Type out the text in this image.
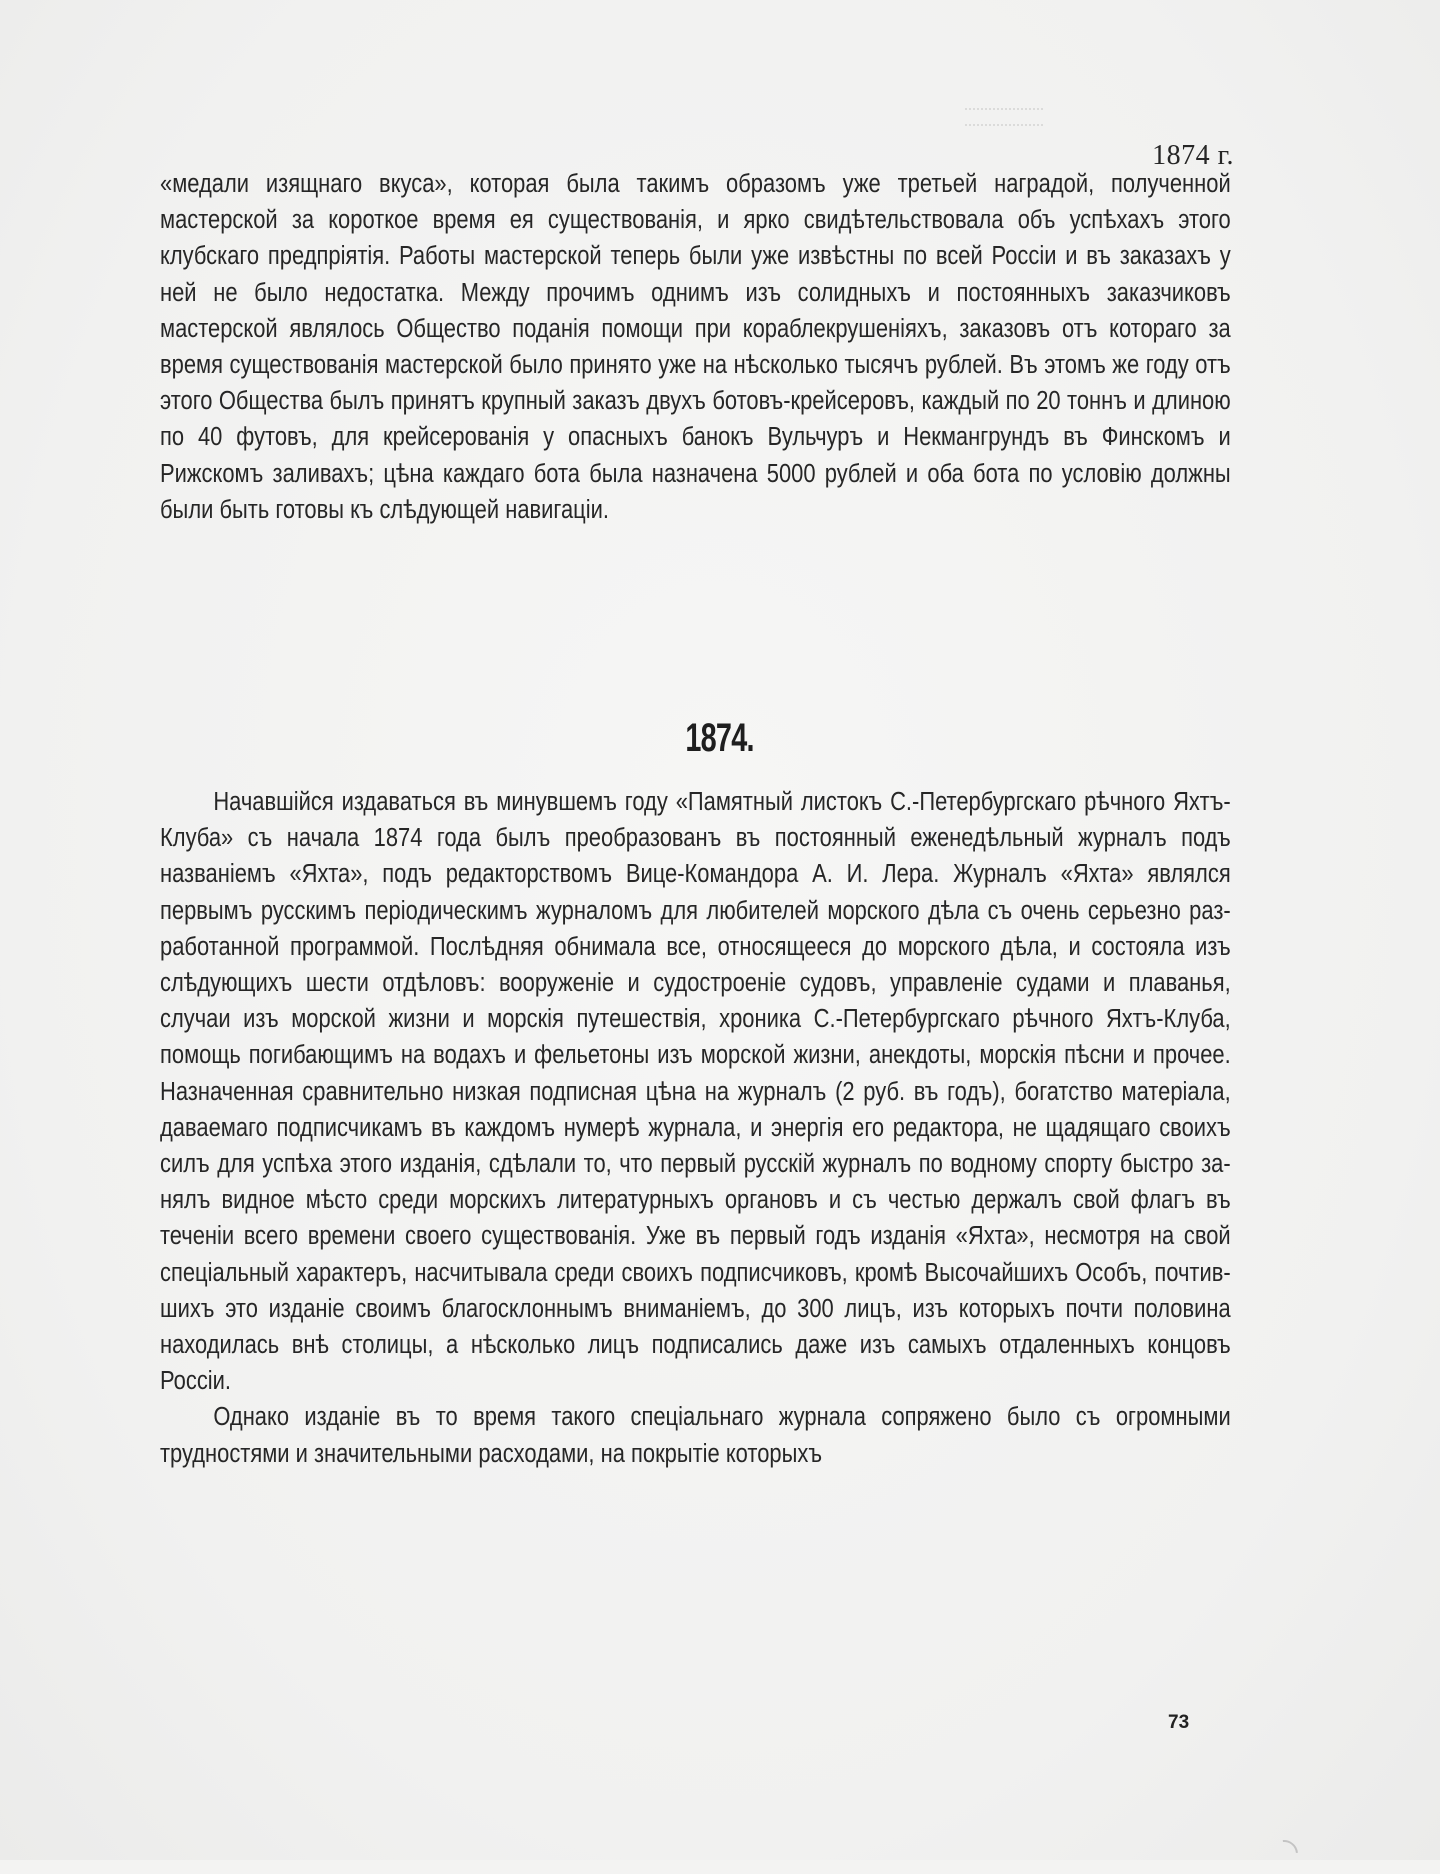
1874 г.

«медали изящнаго вкуса», которая была такимъ образомъ уже третьей наградой, полученной мастерской за короткое время ея существованія, и ярко свидѣтельствовала объ успѣхахъ этого клубскаго предпріятія. Работы мастерской теперь были уже извѣстны по всей Россіи и въ заказахъ у ней не было недостатка. Между прочимъ однимъ изъ солидныхъ и постоянныхъ заказчиковъ мастерской являлось Общество поданія помощи при кораблекрушеніяхъ, заказовъ отъ котораго за время существованія мастерской было принято уже на нѣсколько тысячъ рублей. Въ этомъ же году отъ этого Общества былъ принятъ крупный заказъ двухъ ботовъ-крейсеровъ, каждый по 20 тоннъ и длиною по 40 футовъ, для крейсерованія у опасныхъ банокъ Вульчуръ и Некмангрундъ въ Финскомъ и Рижскомъ заливахъ; цѣна каждаго бота была назначена 5000 рублей и оба бота по условію должны были быть готовы къ слѣдующей навигаціи.

1874.

Начавшійся издаваться въ минувшемъ году «Памятный листокъ С.-Петербургскаго рѣчного Яхтъ-Клуба» съ начала 1874 года былъ преобразованъ въ постоянный еженедѣльный журналъ подъ названіемъ «Яхта», подъ редакторствомъ Вице-Командора А. И. Лера. Журналъ «Яхта» являлся первымъ русскимъ періодическимъ журналомъ для любителей морского дѣла съ очень серьезно разработанной программой. Послѣдняя обнимала все, относящееся до морского дѣла, и состояла изъ слѣдующихъ шести отдѣловъ: вооруженіе и судостроеніе судовъ, управленіе судами и плаванья, случаи изъ морской жизни и морскія путешествія, хроника С.-Петербургскаго рѣчного Яхтъ-Клуба, помощь погибающимъ на водахъ и фельетоны изъ морской жизни, анекдоты, морскія пѣсни и прочее. Назначенная сравнительно низкая подписная цѣна на журналъ (2 руб. въ годъ), богатство матеріала, даваемаго подписчикамъ въ каждомъ нумерѣ журнала, и энергія его редактора, не щадящаго своихъ силъ для успѣха этого изданія, сдѣлали то, что первый русскій журналъ по водному спорту быстро занялъ видное мѣсто среди морскихъ литературныхъ органовъ и съ честью держалъ свой флагъ въ теченіи всего времени своего существованія. Уже въ первый годъ изданія «Яхта», несмотря на свой спеціальный характеръ, насчитывала среди своихъ подписчиковъ, кромѣ Высочайшихъ Особъ, почтившихъ это изданіе своимъ благосклоннымъ вниманіемъ, до 300 лицъ, изъ которыхъ почти половина находилась внѣ столицы, а нѣсколько лицъ подписались даже изъ самыхъ отдаленныхъ концовъ Россіи.

Однако изданіе въ то время такого спеціальнаго журнала сопряжено было съ огромными трудностями и значительными расходами, на покрытіе которыхъ

73
